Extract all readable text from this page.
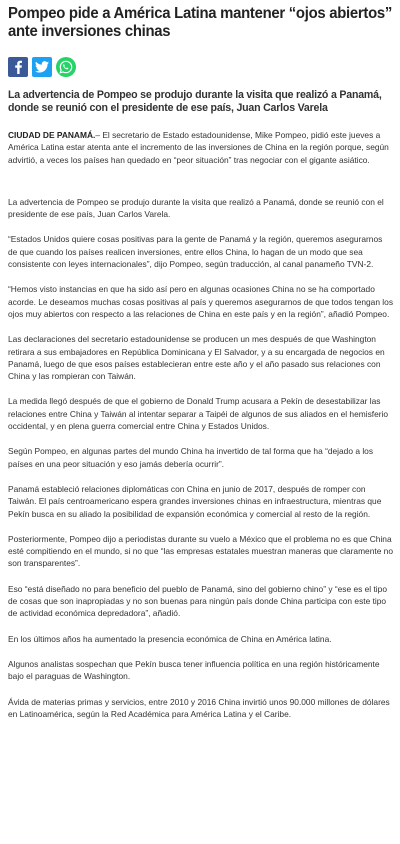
Pompeo pide a América Latina mantener “ojos abiertos” ante inversiones chinas
La advertencia de Pompeo se produjo durante la visita que realizó a Panamá, donde se reunió con el presidente de ese país, Juan Carlos Varela

CIUDAD DE PANAMÁ.– El secretario de Estado estadounidense, Mike Pompeo, pidió este jueves a América Latina estar atenta ante el incremento de las inversiones de China en la región porque, según advirtió, a veces los países han quedado en “peor situación” tras negociar con el gigante asiático.

La advertencia de Pompeo se produjo durante la visita que realizó a Panamá, donde se reunió con el presidente de ese país, Juan Carlos Varela.

“Estados Unidos quiere cosas positivas para la gente de Panamá y la región, queremos asegurarnos de que cuando los países realicen inversiones, entre ellos China, lo hagan de un modo que sea consistente con leyes internacionales”, dijo Pompeo, según traducción, al canal panameño TVN-2.

“Hemos visto instancias en que ha sido así pero en algunas ocasiones China no se ha comportado acorde. Le deseamos muchas cosas positivas al país y queremos asegurarnos de que todos tengan los ojos muy abiertos con respecto a las relaciones de China en este país y en la región”, añadió Pompeo.

Las declaraciones del secretario estadounidense se producen un mes después de que Washington retirara a sus embajadores en República Dominicana y El Salvador, y a su encargada de negocios en Panamá, luego de que esos países establecieran entre este año y el año pasado sus relaciones con China y las rompieran con Taiwán.

La medida llegó después de que el gobierno de Donald Trump acusara a Pekín de desestabilizar las relaciones entre China y Taiwán al intentar separar a Taipéi de algunos de sus aliados en el hemisferio occidental, y en plena guerra comercial entre China y Estados Unidos.

Según Pompeo, en algunas partes del mundo China ha invertido de tal forma que ha “dejado a los países en una peor situación y eso jamás debería ocurrir”.

Panamá estableció relaciones diplomáticas con China en junio de 2017, después de romper con Taiwán. El país centroamericano espera grandes inversiones chinas en infraestructura, mientras que Pekín busca en su aliado la posibilidad de expansión económica y comercial al resto de la región.

Posteriormente, Pompeo dijo a periodistas durante su vuelo a México que el problema no es que China esté compitiendo en el mundo, si no que “las empresas estatales muestran maneras que claramente no son transparentes”.

Eso “está diseñado no para beneficio del pueblo de Panamá, sino del gobierno chino” y “ese es el tipo de cosas que son inapropiadas y no son buenas para ningún país donde China participa con este tipo de actividad económica depredadora”, añadió.

En los últimos años ha aumentado la presencia económica de China en América latina.

Algunos analistas sospechan que Pekín busca tener influencia política en una región históricamente bajo el paraguas de Washington.

Ávida de materias primas y servicios, entre 2010 y 2016 China invirtió unos 90.000 millones de dólares en Latinoamérica, según la Red Académica para América Latina y el Caribe.
